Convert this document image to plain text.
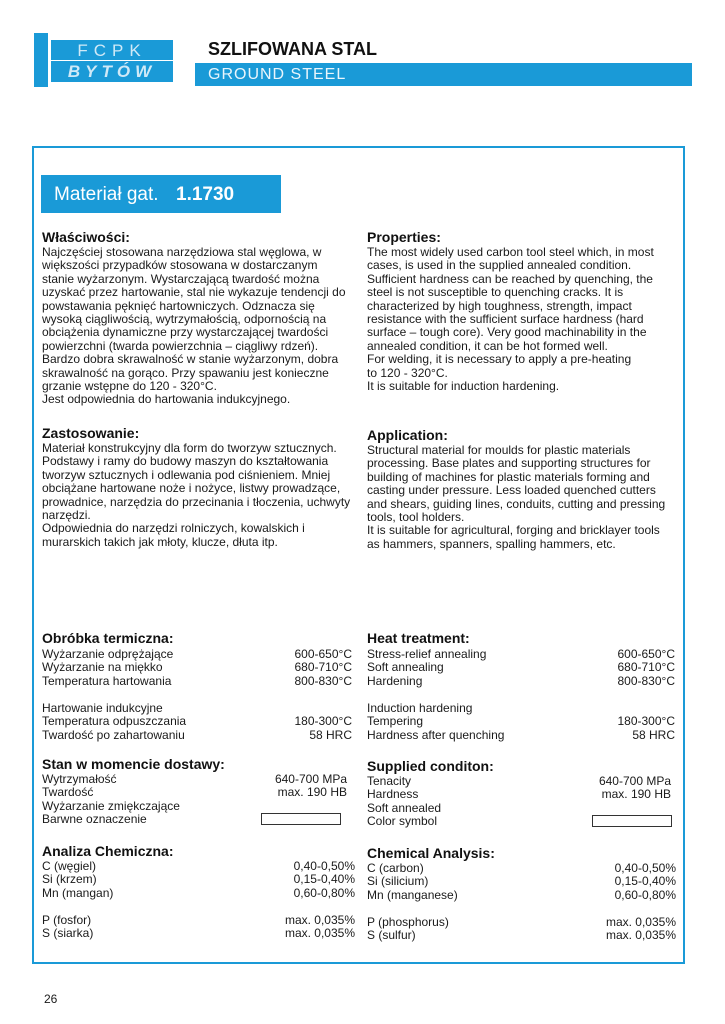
FCPK
BYTÓW
SZLIFOWANA STAL
GROUND STEEL
Materiał gat. 1.1730
Właściwości:
Najczęściej stosowana narzędziowa stal węglowa, w
większości przypadków stosowana w dostarczanym
stanie wyżarzonym. Wystarczającą twardość można
uzyskać przez hartowanie, stal nie wykazuje tendencji do
powstawania pęknięć hartowniczych. Odznacza się
wysoką ciągliwością, wytrzymałością, odpornością na
obciążenia dynamiczne przy wystarczającej twardości
powierzchni (twarda powierzchnia – ciągliwy rdzeń).
Bardzo dobra skrawalność w stanie wyżarzonym, dobra
skrawalność na gorąco. Przy spawaniu jest konieczne
grzanie wstępne do 120 - 320°C.
Jest odpowiednia do hartowania indukcyjnego.
Properties:
The most widely used carbon tool steel which, in most
cases, is used in the supplied annealed condition.
Sufficient hardness can be reached by quenching, the
steel is not susceptible to quenching cracks. It is
characterized by high toughness, strength, impact
resistance with the sufficient surface hardness (hard
surface – tough core). Very good machinability in the
annealed condition, it can be hot formed well.
For welding, it is necessary to apply a pre-heating
to 120 - 320°C.
It is suitable for induction hardening.
Zastosowanie:
Materiał konstrukcyjny dla form do tworzyw sztucznych.
Podstawy i ramy do budowy maszyn do kształtowania
tworzyw sztucznych i odlewania pod ciśnieniem. Mniej
obciążane hartowane noże i nożyce, listwy prowadzące,
prowadnice, narzędzia do przecinania i tłoczenia, uchwyty
narzędzi.
Odpowiednia do narzędzi rolniczych, kowalskich i
murarskich takich jak młoty, klucze, dłuta itp.
Application:
Structural material for moulds for plastic materials
processing. Base plates and supporting structures for
building of machines for plastic materials forming and
casting under pressure. Less loaded quenched cutters
and shears, guiding lines, conduits, cutting and pressing
tools, tool holders.
It is suitable for agricultural, forging and bricklayer tools
as hammers, spanners, spalling hammers, etc.
Obróbka termiczna:
Wyżarzanie odprężające	600-650°C
Wyżarzanie na miękko	680-710°C
Temperatura hartowania	800-830°C
Hartowanie indukcyjne
Temperatura odpuszczania	180-300°C
Twardość po zahartowaniu	58 HRC
Heat treatment:
Stress-relief annealing	600-650°C
Soft annealing	680-710°C
Hardening	800-830°C
Induction hardening
Tempering	180-300°C
Hardness after quenching	58 HRC
Stan w momencie dostawy:
Wytrzymałość	640-700 MPa
Twardość	max. 190 HB
Wyżarzanie zmiękczające
Barwne oznaczenie
Supplied conditon:
Tenacity	640-700 MPa
Hardness	max. 190 HB
Soft annealed
Color symbol
Analiza Chemiczna:
C (węgiel)	0,40-0,50%
Si (krzem)	0,15-0,40%
Mn (mangan)	0,60-0,80%
P (fosfor)	max. 0,035%
S (siarka)	max. 0,035%
Chemical Analysis:
C (carbon)	0,40-0,50%
Si (silicium)	0,15-0,40%
Mn (manganese)	0,60-0,80%
P (phosphorus)	max. 0,035%
S (sulfur)	max. 0,035%
26
